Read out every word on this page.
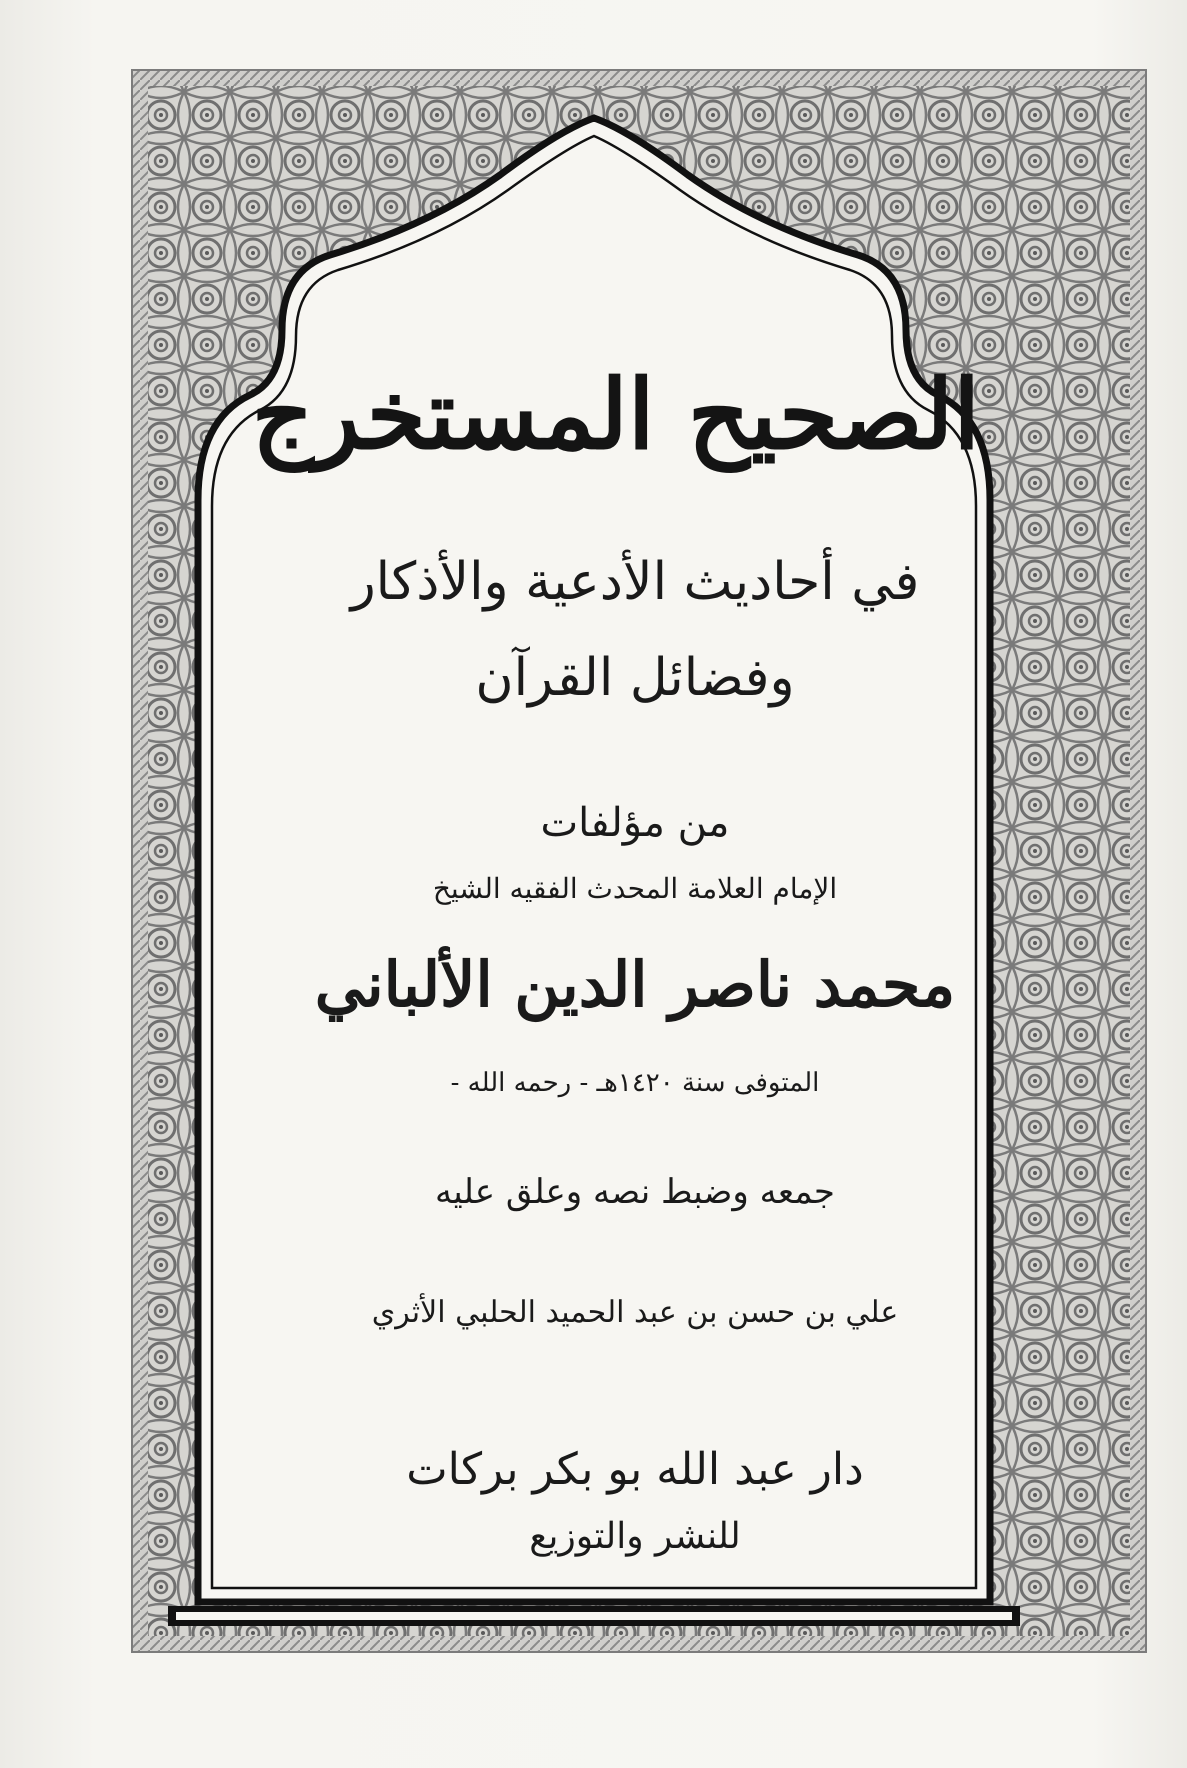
الصحيح المستخرج
في أحاديث الأدعية والأذكار
وفضائل القرآن
من مؤلفات
الإمام العلامة المحدث الفقيه الشيخ
محمد ناصر الدين الألباني
المتوفى سنة ١٤٢٠هـ - رحمه الله -
جمعه وضبط نصه وعلق عليه
علي بن حسن بن عبد الحميد الحلبي الأثري
دار عبد الله بو بكر بركات
للنشر والتوزيع
